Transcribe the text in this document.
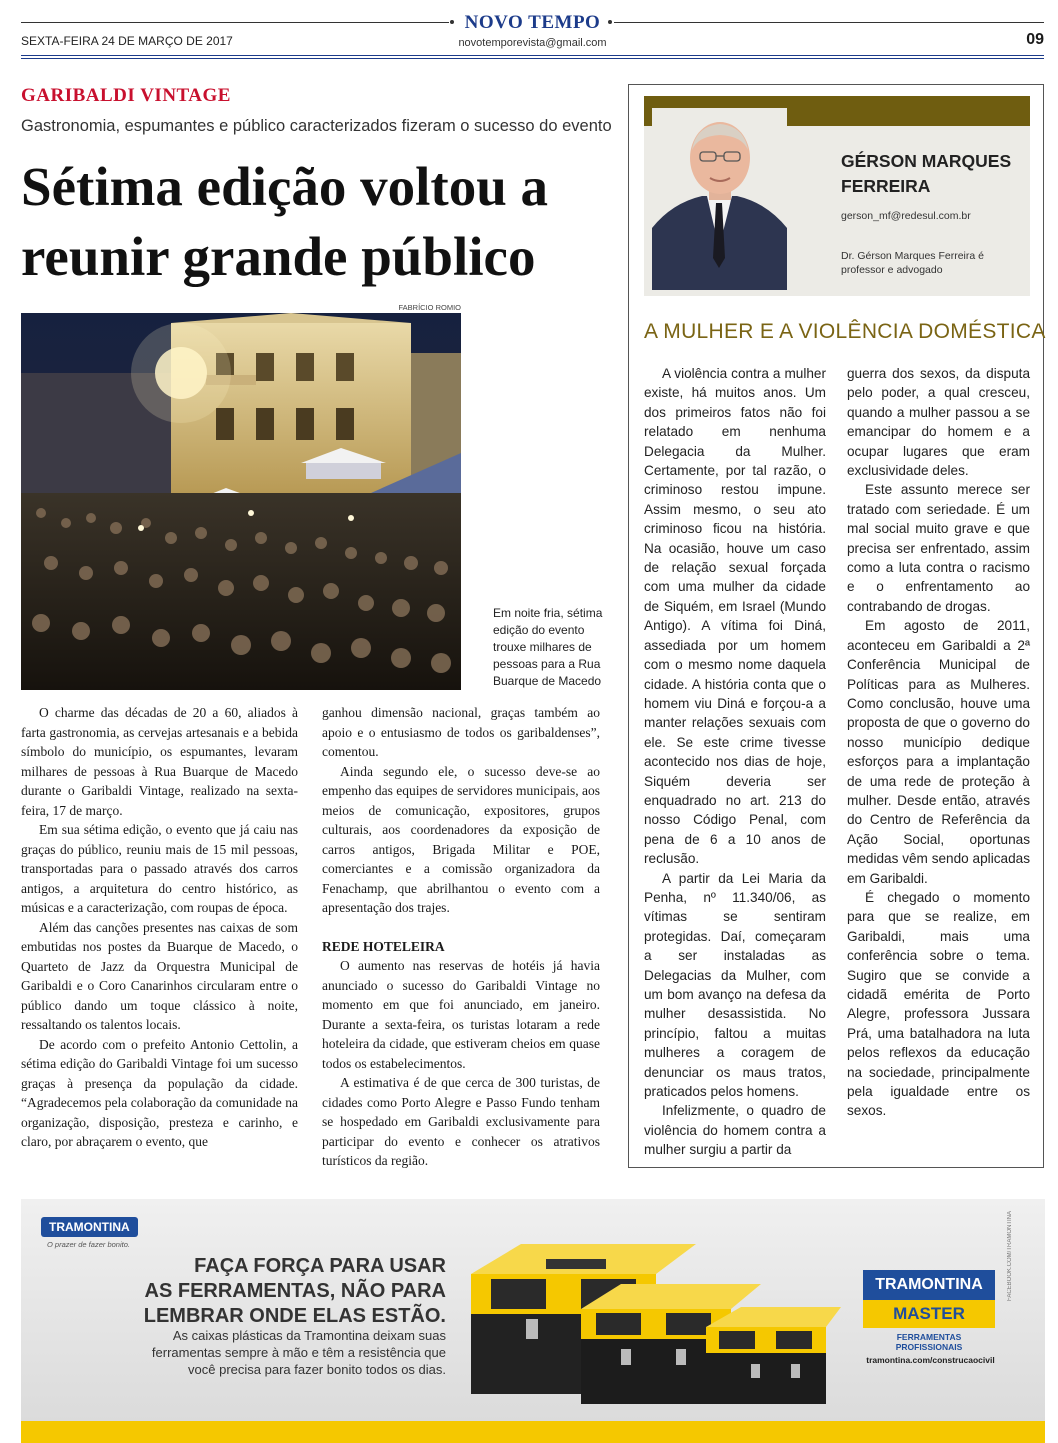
NOVO TEMPO
SEXTA-FEIRA 24 DE MARÇO DE 2017	novotemporevista@gmail.com	09
GARIBALDI VINTAGE
Gastronomia, espumantes e público caracterizados fizeram o sucesso do evento
Sétima edição voltou a reunir grande público
FABRÍCIO ROMIO
Em noite fria, sétima edição do evento trouxe milhares de pessoas para a Rua Buarque de Macedo

O charme das décadas de 20 a 60, aliados à farta gastronomia, as cervejas artesanais e a bebida símbolo do município, os espumantes, levaram milhares de pessoas à Rua Buarque de Macedo durante o Garibaldi Vintage, realizado na sexta-feira, 17 de março.

Em sua sétima edição, o evento que já caiu nas graças do público, reuniu mais de 15 mil pessoas, transportadas para o passado através dos carros antigos, a arquitetura do centro histórico, as músicas e a caracterização, com roupas de época.

Além das canções presentes nas caixas de som embutidas nos postes da Buarque de Macedo, o Quarteto de Jazz da Orquestra Municipal de Garibaldi e o Coro Canarinhos circularam entre o público dando um toque clássico à noite, ressaltando os talentos locais.

De acordo com o prefeito Antonio Cettolin, a sétima edição do Garibaldi Vintage foi um sucesso graças à presença da população da cidade. “Agradecemos pela colaboração da comunidade na organização, disposição, presteza e carinho, e claro, por abraçarem o evento, que

ganhou dimensão nacional, graças também ao apoio e o entusiasmo de todos os garibaldenses”, comentou.

Ainda segundo ele, o sucesso deve-se ao empenho das equipes de servidores municipais, aos meios de comunicação, expositores, grupos culturais, aos coordenadores da exposição de carros antigos, Brigada Militar e POE, comerciantes e a comissão organizadora da Fenachamp, que abrilhantou o evento com a apresentação dos trajes.

REDE HOTELEIRA

O aumento nas reservas de hotéis já havia anunciado o sucesso do Garibaldi Vintage no momento em que foi anunciado, em janeiro. Durante a sexta-feira, os turistas lotaram a rede hoteleira da cidade, que estiveram cheios em quase todos os estabelecimentos.

A estimativa é de que cerca de 300 turistas, de cidades como Porto Alegre e Passo Fundo tenham se hospedado em Garibaldi exclusivamente para participar do evento e conhecer os atrativos turísticos da região.

GÉRSON MARQUES FERREIRA
gerson_mf@redesul.com.br
Dr. Gérson Marques Ferreira é professor e advogado
A MULHER E A VIOLÊNCIA DOMÉSTICA

A violência contra a mulher existe, há muitos anos. Um dos primeiros fatos não foi relatado em nenhuma Delegacia da Mulher. Certamente, por tal razão, o criminoso restou impune. Assim mesmo, o seu ato criminoso ficou na história. Na ocasião, houve um caso de relação sexual forçada com uma mulher da cidade de Siquém, em Israel (Mundo Antigo). A vítima foi Diná, assediada por um homem com o mesmo nome daquela cidade. A história conta que o homem viu Diná e forçou-a a manter relações sexuais com ele. Se este crime tivesse acontecido nos dias de hoje, Siquém deveria ser enquadrado no art. 213 do nosso Código Penal, com pena de 6 a 10 anos de reclusão.

A partir da Lei Maria da Penha, nº 11.340/06, as vítimas se sentiram protegidas. Daí, começaram a ser instaladas as Delegacias da Mulher, com um bom avanço na defesa da mulher desassistida. No princípio, faltou a muitas mulheres a coragem de denunciar os maus tratos, praticados pelos homens.

Infelizmente, o quadro de violência do homem contra a mulher surgiu a partir da

guerra dos sexos, da disputa pelo poder, a qual cresceu, quando a mulher passou a se emancipar do homem e a ocupar lugares que eram exclusividade deles.

Este assunto merece ser tratado com seriedade. É um mal social muito grave e que precisa ser enfrentado, assim como a luta contra o racismo e o enfrentamento ao contrabando de drogas.

Em agosto de 2011, aconteceu em Garibaldi a 2ª Conferência Municipal de Políticas para as Mulheres. Como conclusão, houve uma proposta de que o governo do nosso município dedique esforços para a implantação de uma rede de proteção à mulher. Desde então, através do Centro de Referência da Ação Social, oportunas medidas vêm sendo aplicadas em Garibaldi.

É chegado o momento para que se realize, em Garibaldi, mais uma conferência sobre o tema. Sugiro que se convide a cidadã emérita de Porto Alegre, professora Jussara Prá, uma batalhadora na luta pelos reflexos da educação na sociedade, principalmente pela igualdade entre os sexos.

TRAMONTINA
O prazer de fazer bonito.
FAÇA FORÇA PARA USAR
AS FERRAMENTAS, NÃO PARA
LEMBRAR ONDE ELAS ESTÃO.
As caixas plásticas da Tramontina deixam suas ferramentas sempre à mão e têm a resistência que você precisa para fazer bonito todos os dias.
TRAMONTINA
MASTER
FERRAMENTAS PROFISSIONAIS
tramontina.com/construcaocivil
FACEBOOK.COM/TRAMONTINA
